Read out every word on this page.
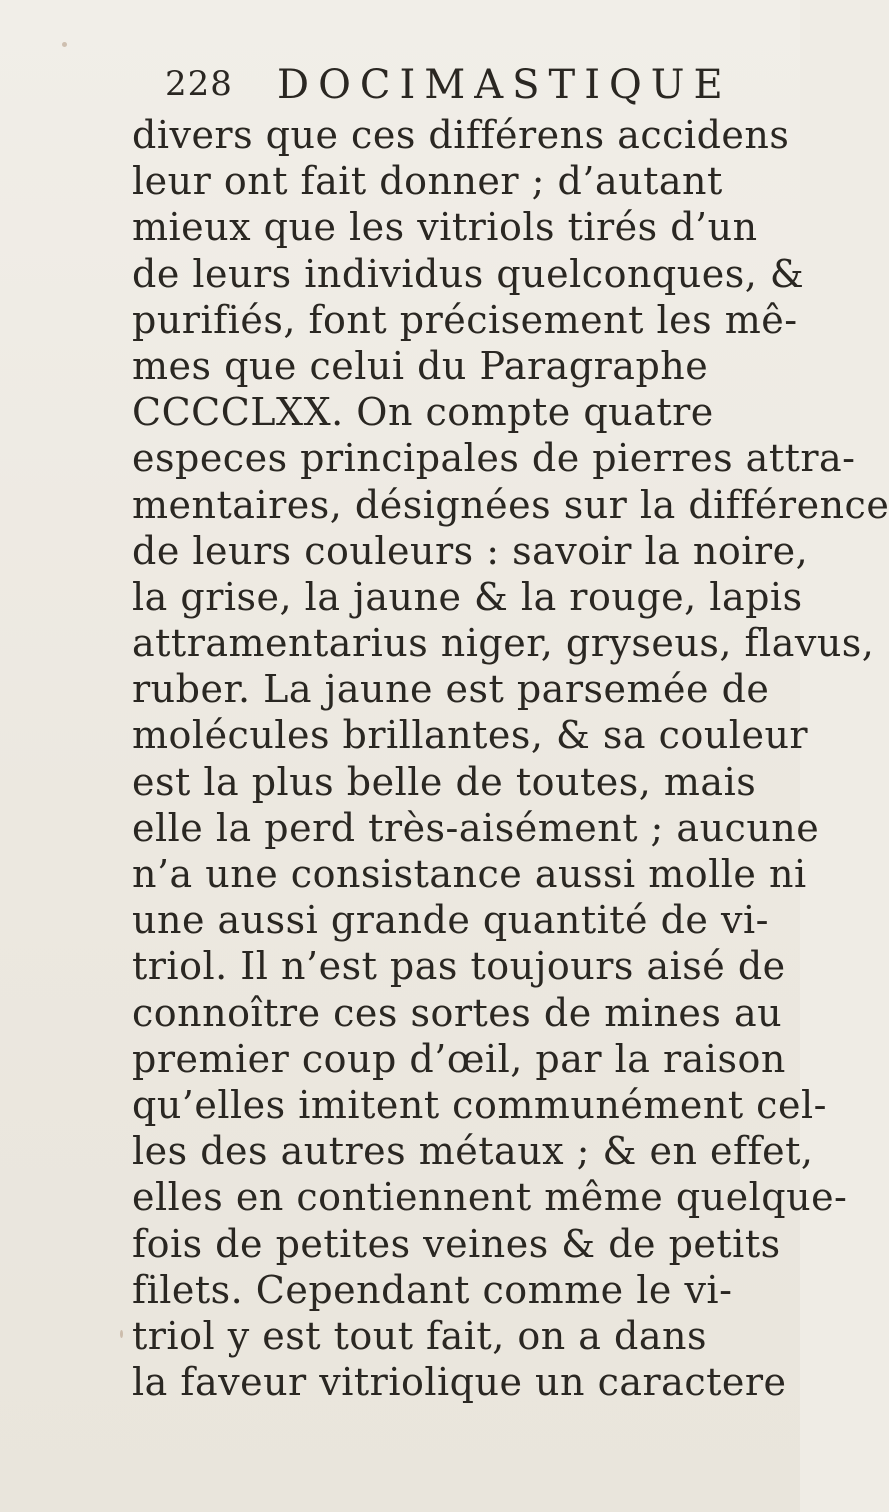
228 DOCIMASTIQUE
divers que ces différens accidens
leur ont fait donner ; d’autant
mieux que les vitriols tirés d’un
de leurs individus quelconques, &
purifiés, font précisement les mê-
mes que celui du Paragraphe
CCCCLXX. On compte quatre
especes principales de pierres attra-
mentaires, désignées sur la différence
de leurs couleurs : savoir la noire,
la grise, la jaune & la rouge, lapis
attramentarius niger, gryseus, flavus,
ruber. La jaune est parsemée de
molécules brillantes, & sa couleur
est la plus belle de toutes, mais
elle la perd très-aisément ; aucune
n’a une consistance aussi molle ni
une aussi grande quantité de vi-
triol. Il n’est pas toujours aisé de
connoître ces sortes de mines au
premier coup d’œil, par la raison
qu’elles imitent communément cel-
les des autres métaux ; & en effet,
elles en contiennent même quelque-
fois de petites veines & de petits
filets. Cependant comme le vi-
triol y est tout fait, on a dans
la faveur vitriolique un caractere
